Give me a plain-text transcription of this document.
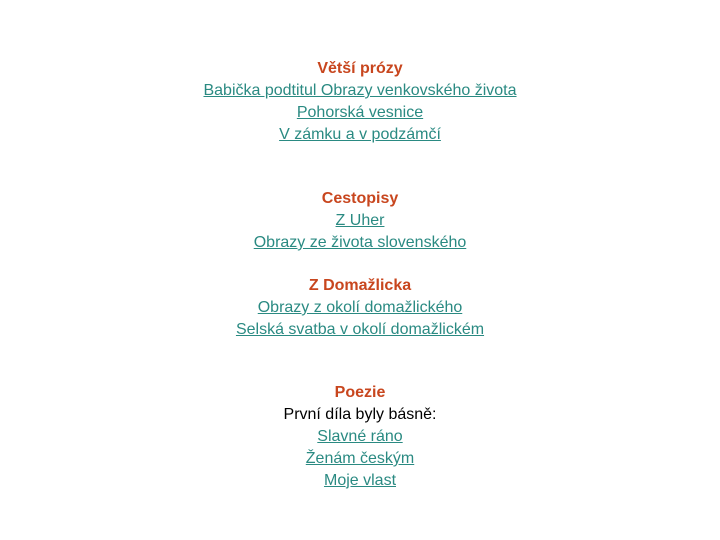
Větší prózy
Babička podtitul Obrazy venkovského života
Pohorská vesnice
V zámku a v podzámčí
Cestopisy
Z Uher
Obrazy ze života slovenského
Z Domažlicka
Obrazy z okolí domažlického
Selská svatba v okolí domažlickém
Poezie
První díla byly básně:
Slavné ráno
Ženám českým
Moje vlast
